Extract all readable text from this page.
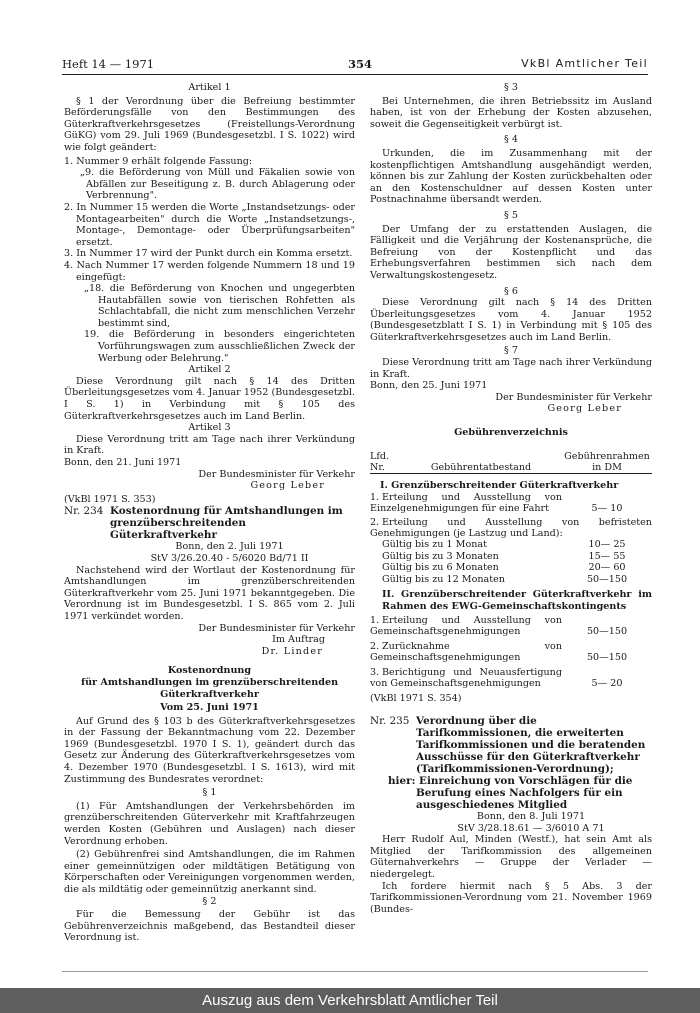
Heft 14 — 1971	354	VkBl Amtlicher Teil

Artikel 1

§ 1 der Verordnung über die Befreiung bestimmter Beförderungsfälle von den Bestimmungen des Güterkraftverkehrsgesetzes (Freistellungs-Verordnung GüKG) vom 29. Juli 1969 (Bundesgesetzbl. I S. 1022) wird wie folgt geändert:

1. Nummer 9 erhält folgende Fassung:

„9. die Beförderung von Müll und Fäkalien sowie von Abfällen zur Beseitigung z. B. durch Ablagerung oder Verbrennung".

2. In Nummer 15 werden die Worte „Instandsetzungs- oder Montagearbeiten" durch die Worte „Instandsetzungs-, Montage-, Demontage- oder Überprüfungsarbeiten" ersetzt.

3. In Nummer 17 wird der Punkt durch ein Komma ersetzt.

4. Nach Nummer 17 werden folgende Nummern 18 und 19 eingefügt:

„18. die Beförderung von Knochen und ungegerbten Hautabfällen sowie von tierischen Rohfetten als Schlachtabfall, die nicht zum menschlichen Verzehr bestimmt sind,

19. die Beförderung in besonders eingerichteten Vorführungswagen zum ausschließlichen Zweck der Werbung oder Belehrung."

Artikel 2

Diese Verordnung gilt nach § 14 des Dritten Überleitungsgesetzes vom 4. Januar 1952 (Bundesgesetzbl. I S. 1) in Verbindung mit § 105 des Güterkraftverkehrsgesetzes auch im Land Berlin.

Artikel 3

Diese Verordnung tritt am Tage nach ihrer Verkündung in Kraft.

Bonn, den 21. Juni 1971

Der Bundesminister für Verkehr

Georg Leber

(VkBl 1971 S. 353)

Nr. 234 Kostenordnung für Amtshandlungen im grenzüberschreitenden Güterkraftverkehr

Bonn, den 2. Juli 1971

StV 3/26.20.40 - 5/6020 Bd/71 II

Nachstehend wird der Wortlaut der Kostenordnung für Amtshandlungen im grenzüberschreitenden Güterkraftverkehr vom 25. Juni 1971 bekanntgegeben. Die Verordnung ist im Bundesgesetzbl. I S. 865 vom 2. Juli 1971 verkündet worden.

Der Bundesminister für Verkehr

Im Auftrag

Dr. Linder

Kostenordnung

für Amtshandlungen im grenzüberschreitenden Güterkraftverkehr

Vom 25. Juni 1971

Auf Grund des § 103 b des Güterkraftverkehrsgesetzes in der Fassung der Bekanntmachung vom 22. Dezember 1969 (Bundesgesetzbl. 1970 I S. 1), geändert durch das Gesetz zur Änderung des Güterkraftverkehrsgesetzes vom 4. Dezember 1970 (Bundesgesetzbl. I S. 1613), wird mit Zustimmung des Bundesrates verordnet:

§ 1

(1) Für Amtshandlungen der Verkehrsbehörden im grenzüberschreitenden Güterverkehr mit Kraftfahrzeugen werden Kosten (Gebühren und Auslagen) nach dieser Verordnung erhoben.

(2) Gebührenfrei sind Amtshandlungen, die im Rahmen einer gemeinnützigen oder mildtätigen Betätigung von Körperschaften oder Vereinigungen vorgenommen werden, die als mildtätig oder gemeinnützig anerkannt sind.

§ 2

Für die Bemessung der Gebühr ist das Gebührenverzeichnis maßgebend, das Bestandteil dieser Verordnung ist.

§ 3

Bei Unternehmen, die ihren Betriebssitz im Ausland haben, ist von der Erhebung der Kosten abzusehen, soweit die Gegenseitigkeit verbürgt ist.

§ 4

Urkunden, die im Zusammenhang mit der kostenpflichtigen Amtshandlung ausgehändigt werden, können bis zur Zahlung der Kosten zurückbehalten oder an den Kostenschuldner auf dessen Kosten unter Postnachnahme übersandt werden.

§ 5

Der Umfang der zu erstattenden Auslagen, die Fälligkeit und die Verjährung der Kostenansprüche, die Befreiung von der Kostenpflicht und das Erhebungsverfahren bestimmen sich nach dem Verwaltungskostengesetz.

§ 6

Diese Verordnung gilt nach § 14 des Dritten Überleitungsgesetzes vom 4. Januar 1952 (Bundesgesetzblatt I S. 1) in Verbindung mit § 105 des Güterkraftverkehrsgesetzes auch im Land Berlin.

§ 7

Diese Verordnung tritt am Tage nach ihrer Verkündung in Kraft.

Bonn, den 25. Juni 1971

Der Bundesminister für Verkehr

Georg Leber

Gebührenverzeichnis

Lfd. Nr.	Gebührentatbestand	Gebührenrahmen in DM

I. Grenzüberschreitender Güterkraftverkehr		
1. Erteilung und Ausstellung von Einzelgenehmigungen für eine Fahrt		5— 10
2. Erteilung und Ausstellung von befristeten Genehmigungen (je Lastzug und Land):		
Gültig bis zu 1 Monat		10— 25
Gültig bis zu 3 Monaten		15— 55
Gültig bis zu 6 Monaten		20— 60
Gültig bis zu 12 Monaten		50—150
II. Grenzüberschreitender Güterkraftverkehr im Rahmen des EWG-Gemeinschaftskontingents		
1. Erteilung und Ausstellung von Gemeinschaftsgenehmigungen		50—150
2. Zurücknahme von Gemeinschaftsgenehmigungen		50—150
3. Berichtigung und Neuausfertigung von Gemeinschaftsgenehmigungen		5— 20

(VkBl 1971 S. 354)

Nr. 235 Verordnung über die Tarifkommissionen, die erweiterten Tarifkommissionen und die beratenden Ausschüsse für den Güterkraftverkehr (Tarifkommissionen-Verordnung);

hier: Einreichung von Vorschlägen für die Berufung eines Nachfolgers für ein ausgeschiedenes Mitglied

Bonn, den 8. Juli 1971

StV 3/28.18.61 — 3/6010 A 71

Herr Rudolf Aul, Minden (Westf.), hat sein Amt als Mitglied der Tarifkommission des allgemeinen Güternahverkehrs — Gruppe der Verlader — niedergelegt.

Ich fordere hiermit nach § 5 Abs. 3 der Tarifkommissionen-Verordnung vom 21. November 1969 (Bundes-

Auszug aus dem Verkehrsblatt Amtlicher Teil
